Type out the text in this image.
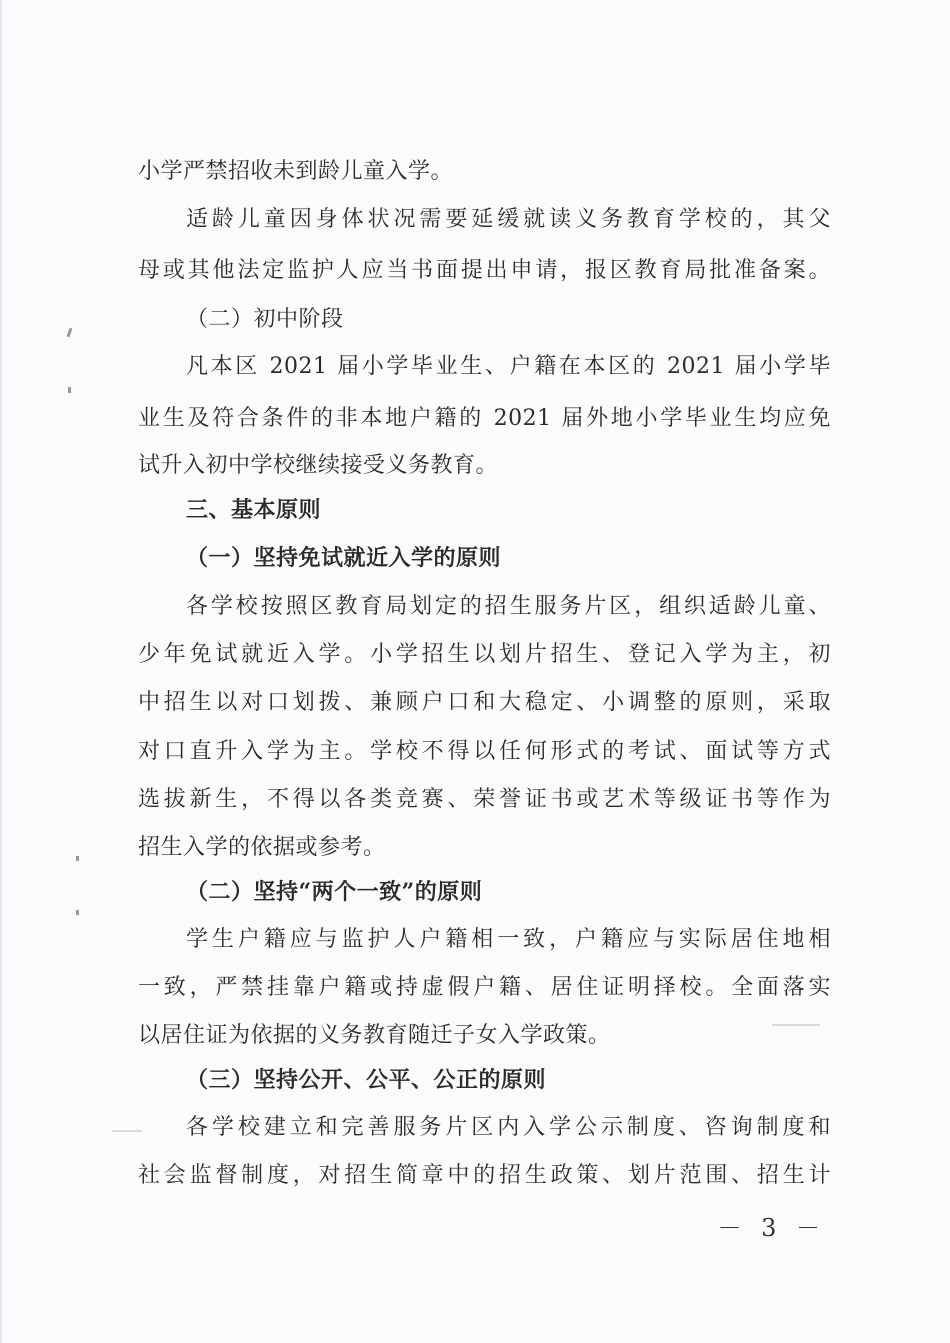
小学严禁招收未到龄儿童入学。
适龄儿童因身体状况需要延缓就读义务教育学校的，其父
母或其他法定监护人应当书面提出申请，报区教育局批准备案。
（二）初中阶段
凡本区 2021 届小学毕业生、户籍在本区的 2021 届小学毕
业生及符合条件的非本地户籍的 2021 届外地小学毕业生均应免
试升入初中学校继续接受义务教育。
三、基本原则
（一）坚持免试就近入学的原则
各学校按照区教育局划定的招生服务片区，组织适龄儿童、
少年免试就近入学。小学招生以划片招生、登记入学为主，初
中招生以对口划拨、兼顾户口和大稳定、小调整的原则，采取
对口直升入学为主。学校不得以任何形式的考试、面试等方式
选拔新生，不得以各类竞赛、荣誉证书或艺术等级证书等作为
招生入学的依据或参考。
（二）坚持“两个一致”的原则
学生户籍应与监护人户籍相一致，户籍应与实际居住地相
一致，严禁挂靠户籍或持虚假户籍、居住证明择校。全面落实
以居住证为依据的义务教育随迁子女入学政策。
（三）坚持公开、公平、公正的原则
各学校建立和完善服务片区内入学公示制度、咨询制度和
社会监督制度，对招生简章中的招生政策、划片范围、招生计
－ 3 －
